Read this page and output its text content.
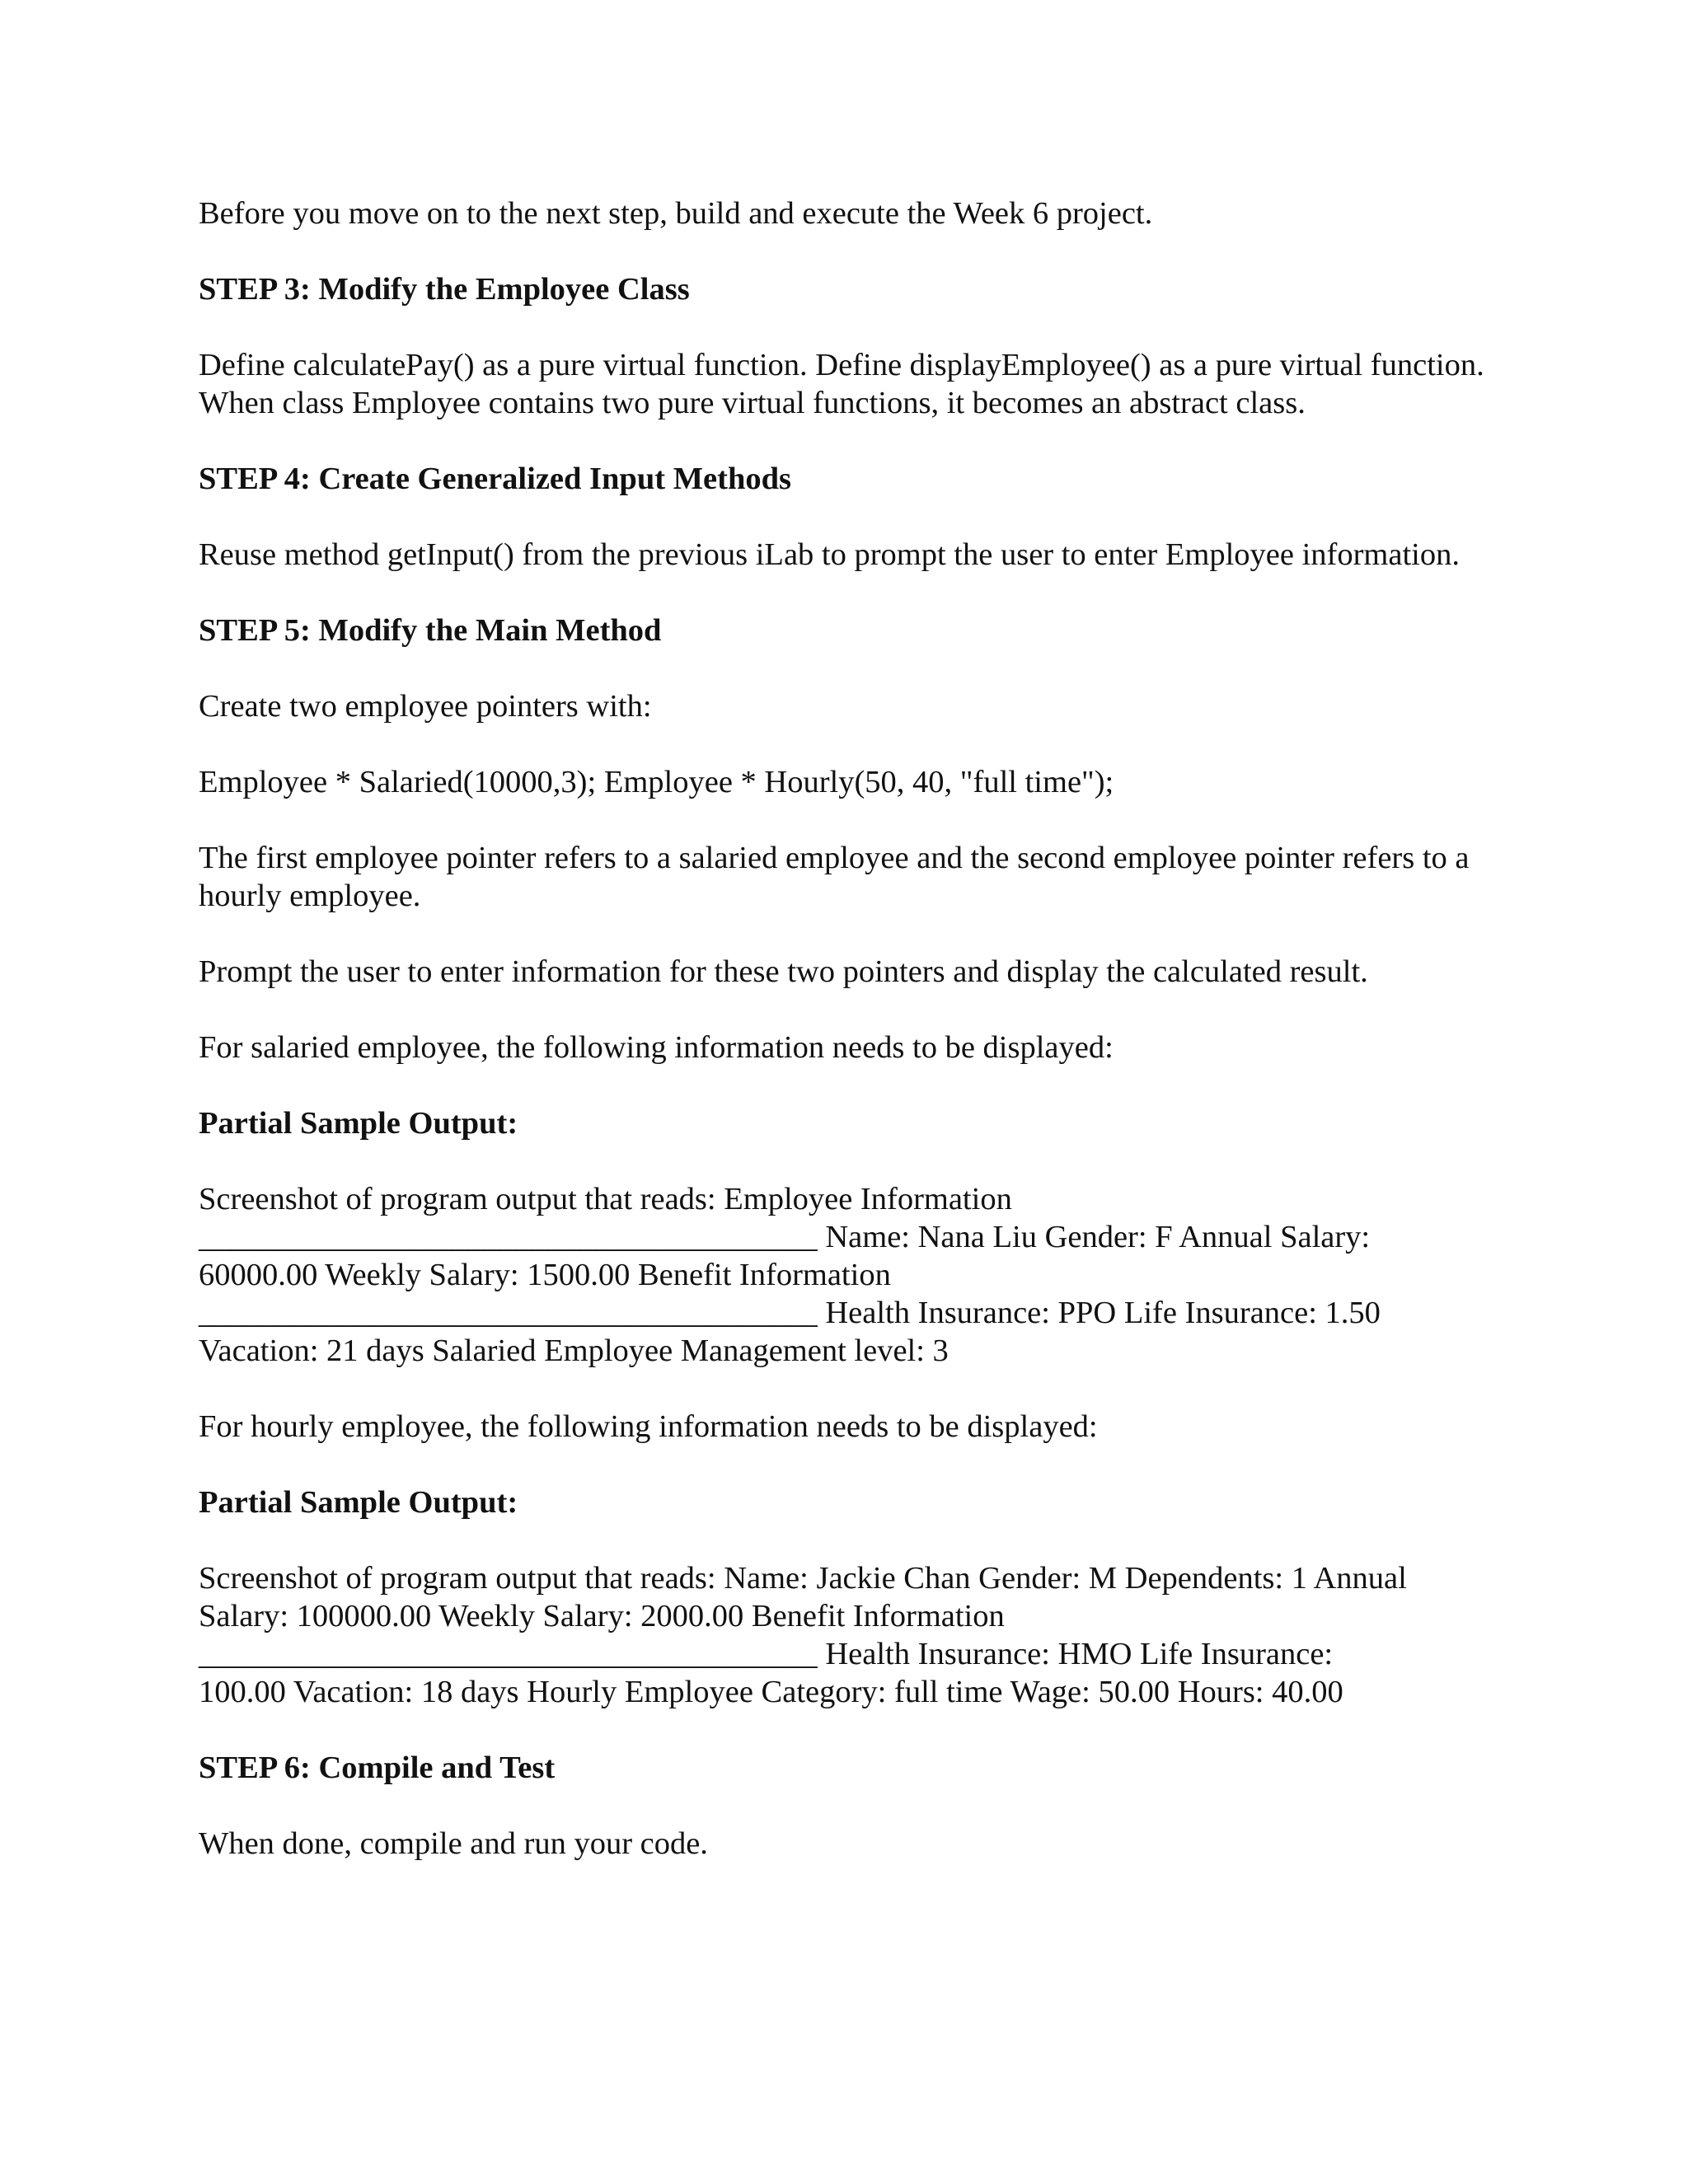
Before you move on to the next step, build and execute the Week 6 project.

STEP 3: Modify the Employee Class

Define calculatePay() as a pure virtual function. Define displayEmployee() as a pure virtual function. When class Employee contains two pure virtual functions, it becomes an abstract class.

STEP 4: Create Generalized Input Methods

Reuse method getInput() from the previous iLab to prompt the user to enter Employee information.

STEP 5: Modify the Main Method

Create two employee pointers with:

Employee * Salaried(10000,3); Employee * Hourly(50, 40, "full time");

The first employee pointer refers to a salaried employee and the second employee pointer refers to a hourly employee.

Prompt the user to enter information for these two pointers and display the calculated result.

For salaried employee, the following information needs to be displayed:

Partial Sample Output:

Screenshot of program output that reads: Employee Information
_______________________________________ Name: Nana Liu Gender: F Annual Salary:
60000.00 Weekly Salary: 1500.00 Benefit Information
_______________________________________ Health Insurance: PPO Life Insurance: 1.50
Vacation: 21 days Salaried Employee Management level: 3

For hourly employee, the following information needs to be displayed:

Partial Sample Output:

Screenshot of program output that reads: Name: Jackie Chan Gender: M Dependents: 1 Annual
Salary: 100000.00 Weekly Salary: 2000.00 Benefit Information
_______________________________________ Health Insurance: HMO Life Insurance:
100.00 Vacation: 18 days Hourly Employee Category: full time Wage: 50.00 Hours: 40.00

STEP 6: Compile and Test

When done, compile and run your code.
